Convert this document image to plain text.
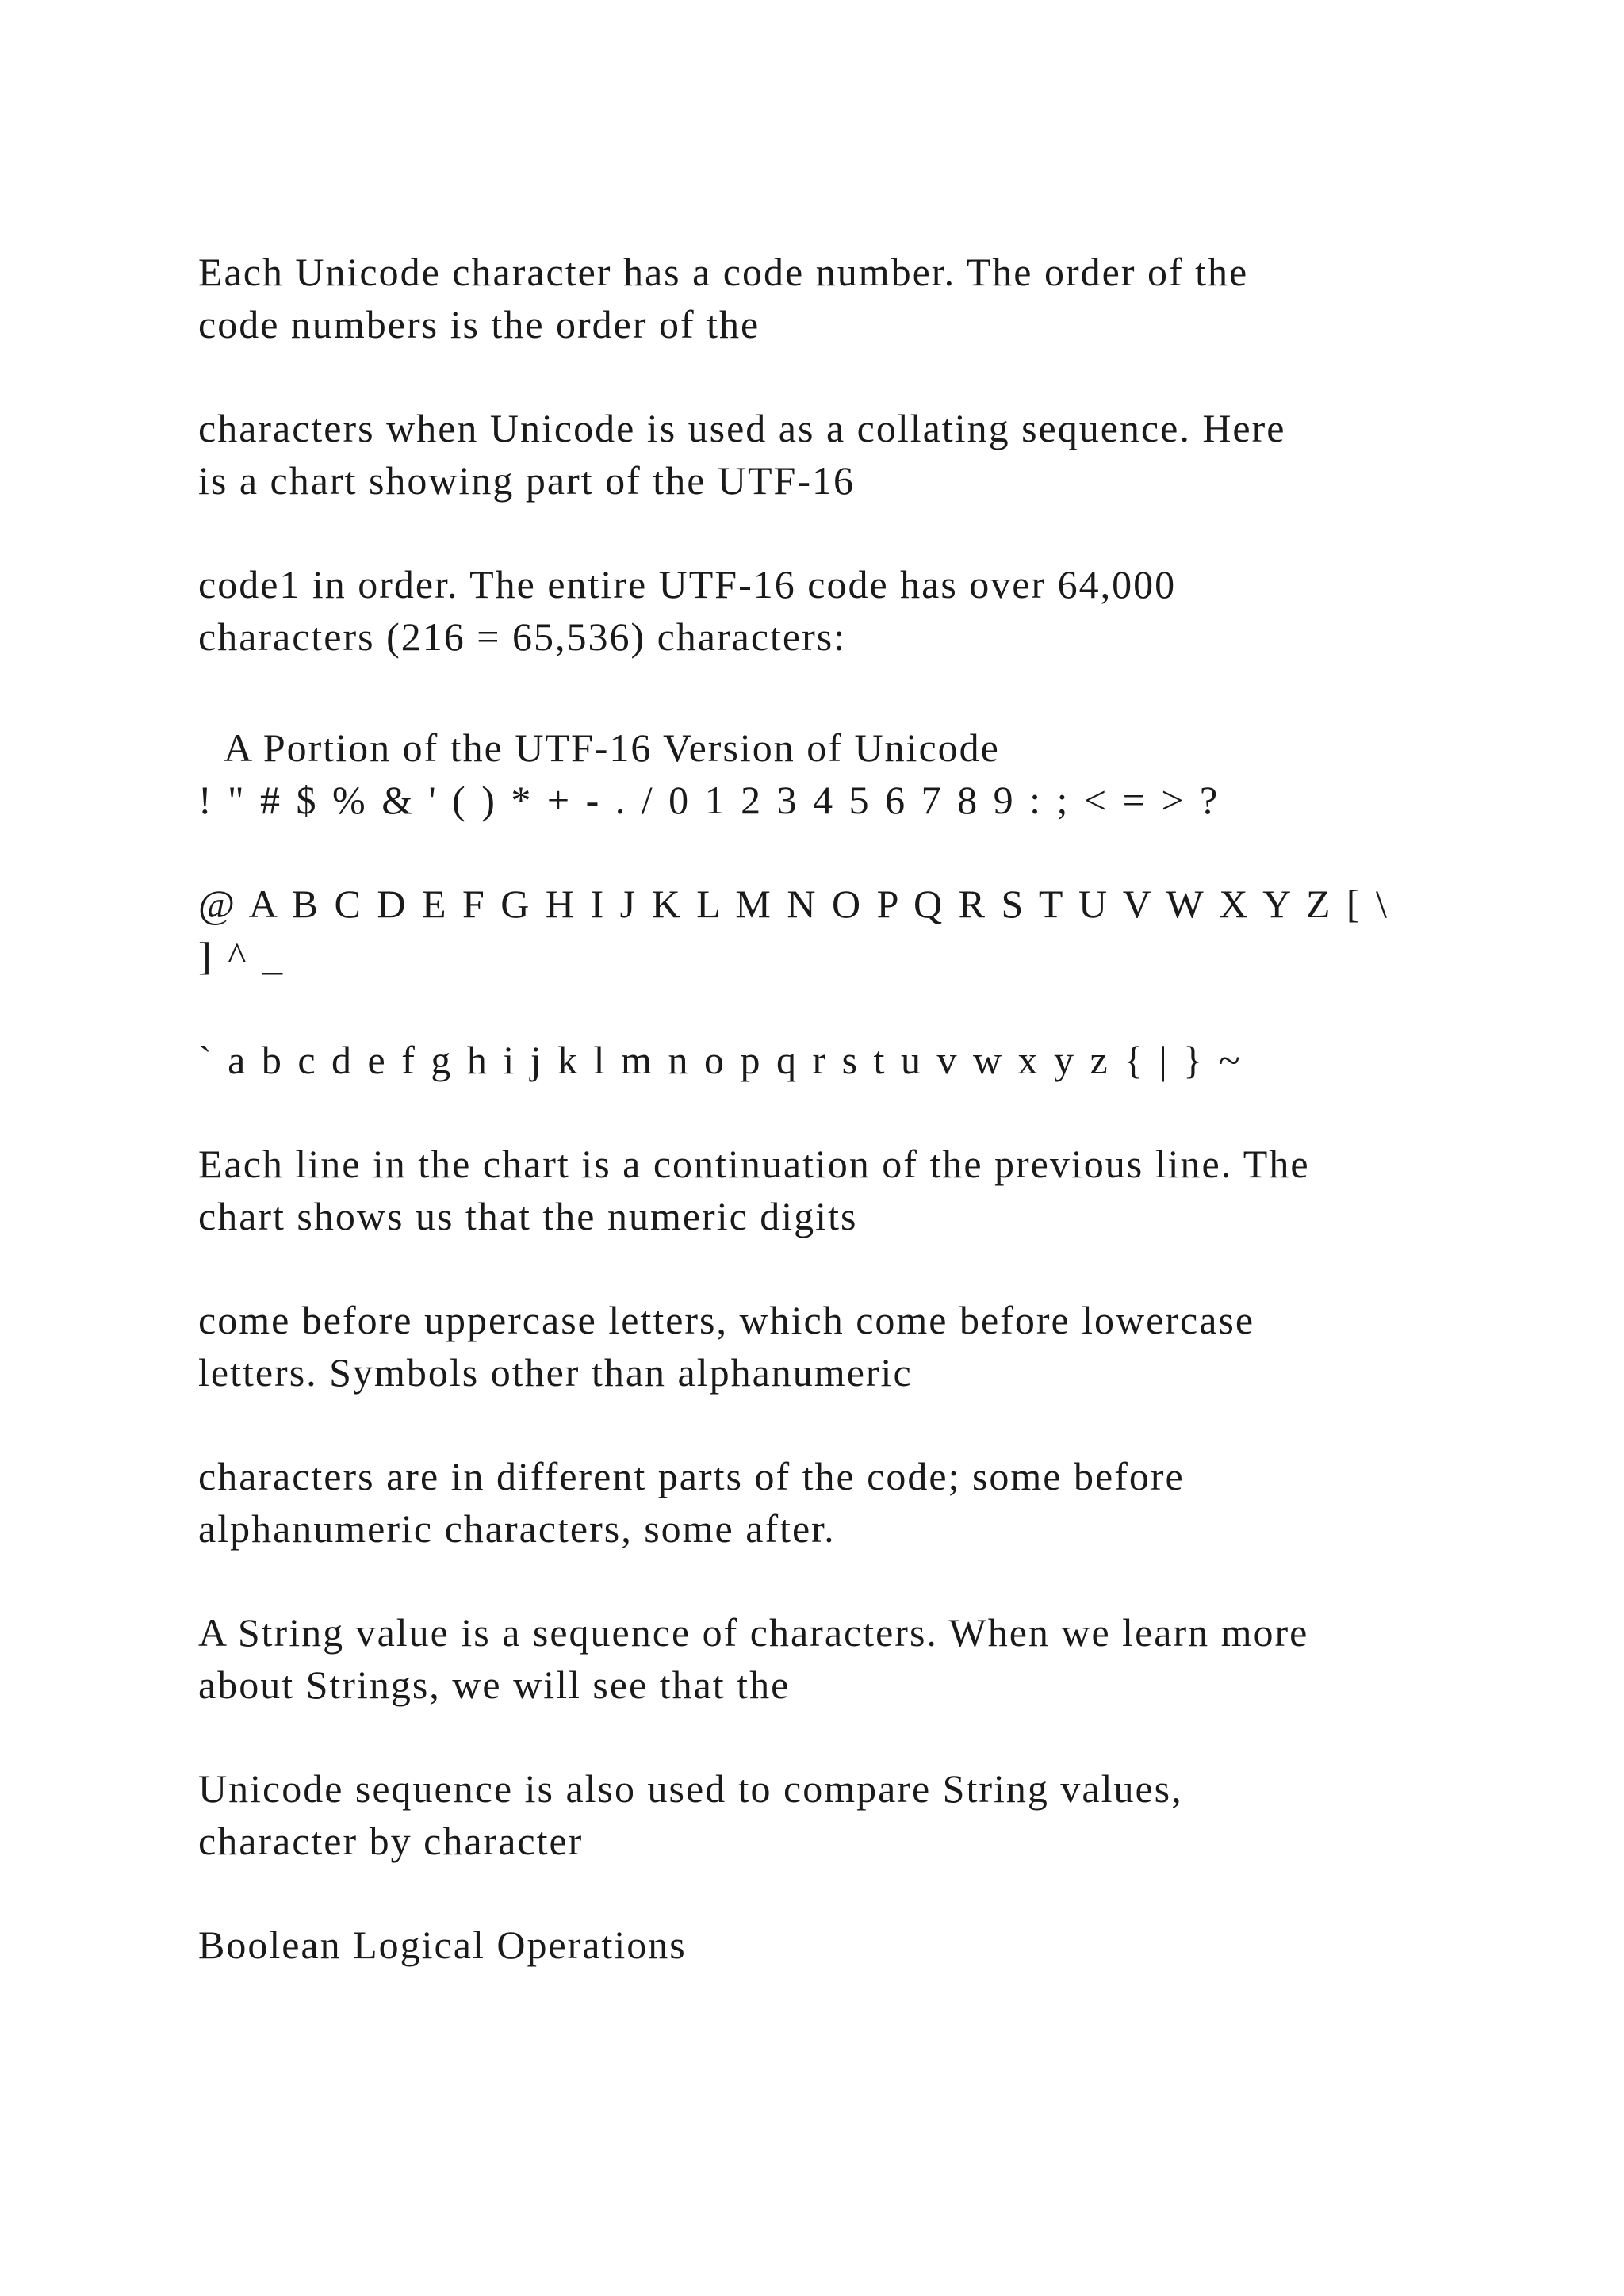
Each Unicode character has a code number. The order of the
code numbers is the order of the

characters when Unicode is used as a collating sequence. Here
is a chart showing part of the UTF-16

code1 in order. The entire UTF-16 code has over 64,000
characters (216 = 65,536) characters:

A Portion of the UTF-16 Version of Unicode
! " # $ % & ' ( ) * + - . / 0 1 2 3 4 5 6 7 8 9 : ; < = > ?
@ A B C D E F G H I J K L M N O P Q R S T U V W X Y Z [ \
] ^ _
` a b c d e f g h i j k l m n o p q r s t u v w x y z { | } ~

Each line in the chart is a continuation of the previous line. The
chart shows us that the numeric digits

come before uppercase letters, which come before lowercase
letters. Symbols other than alphanumeric

characters are in different parts of the code; some before
alphanumeric characters, some after.

A String value is a sequence of characters. When we learn more
about Strings, we will see that the

Unicode sequence is also used to compare String values,
character by character

Boolean Logical Operations
